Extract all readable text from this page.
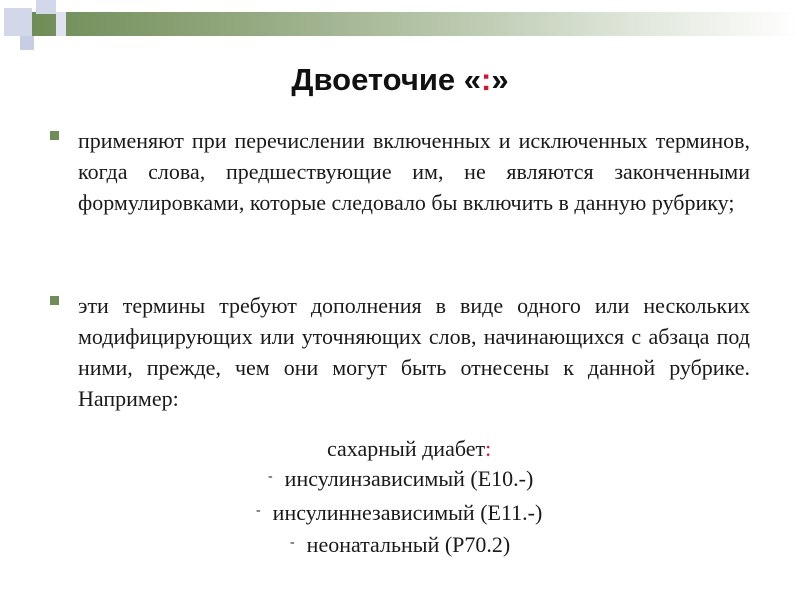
Двоеточие «:»
применяют при перечислении включенных и исключенных терминов, когда слова, предшествующие им, не являются законченными формулировками, которые следовало бы включить в данную рубрику;
эти термины требуют дополнения в виде одного или нескольких модифицирующих или уточняющих слов, начинающихся с абзаца под ними, прежде, чем они могут быть отнесены к данной рубрике. Например:
сахарный диабет:
- инсулинзависимый (E10.-)
- инсулиннезависимый (E11.-)
- неонатальный (P70.2)
